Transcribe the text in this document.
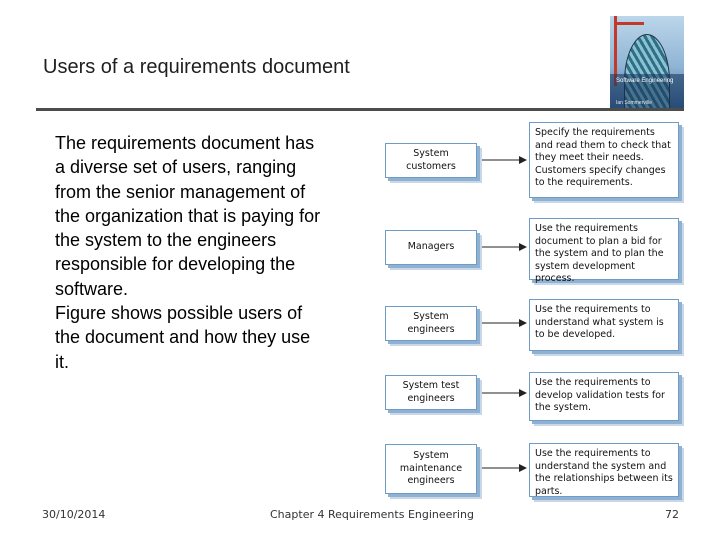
Users of a requirements document
Software Engineering
Ian Sommerville

The requirements document has

a diverse set of users, ranging

from the senior management of

the organization that is paying for

the system to the engineers

responsible for developing the

software.

Figure shows possible users of

the document and how they use

it.

System
customers
Managers
System
engineers
System test
engineers
System
maintenance
engineers
Specify the requirements and read them to check that they meet their needs. Customers specify changes to the requirements.
Use the requirements document to plan a bid for the system and to plan the system development process.
Use the requirements to understand what system is to be developed.
Use the requirements to develop validation tests for the system.
Use the requirements to understand the system and the relationships between its parts.
30/10/2014	Chapter 4 Requirements Engineering	72
